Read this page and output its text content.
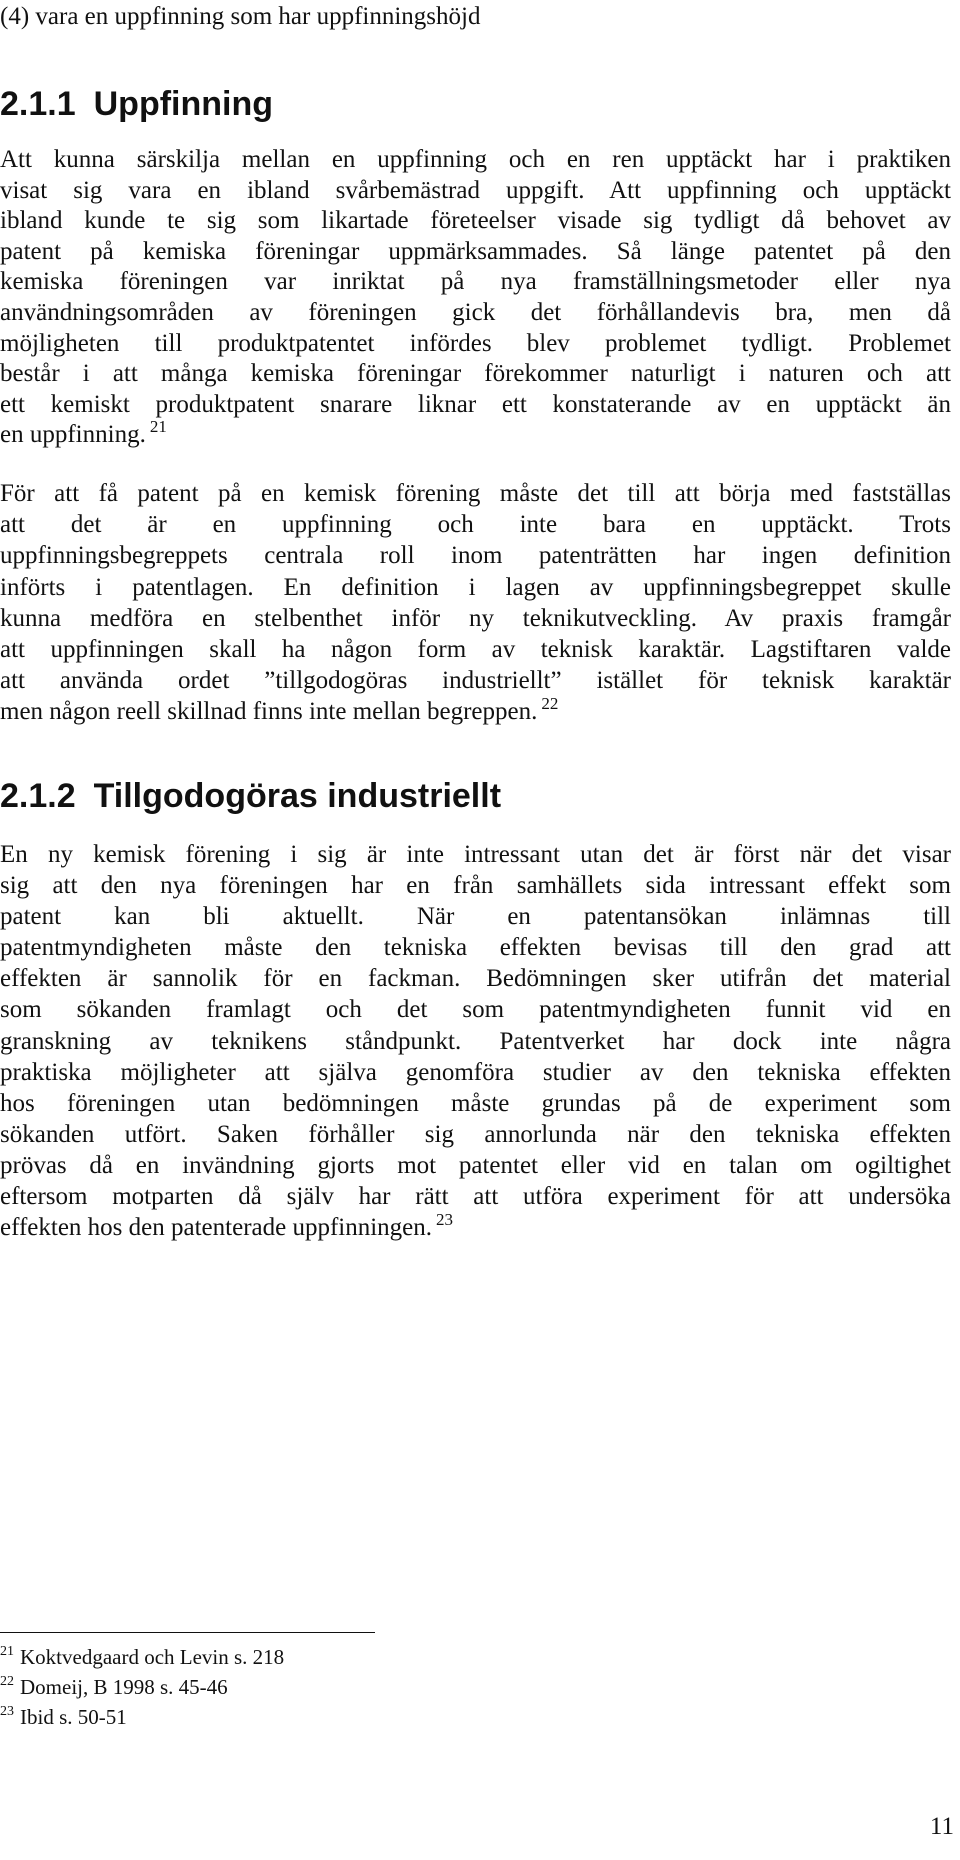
(4) vara en uppfinning som har uppfinningshöjd
2.1.1 Uppfinning

Att kunna särskilja mellan en uppfinning och en ren upptäckt har i praktiken
visat sig vara en ibland svårbemästrad uppgift. Att uppfinning och upptäckt
ibland kunde te sig som likartade företeelser visade sig tydligt då behovet av
patent på kemiska föreningar uppmärksammades. Så länge patentet på den
kemiska föreningen var inriktat på nya framställningsmetoder eller nya
användningsområden av föreningen gick det förhållandevis bra, men då
möjligheten till produktpatentet infördes blev problemet tydligt. Problemet
består i att många kemiska föreningar förekommer naturligt i naturen och att
ett kemiskt produktpatent snarare liknar ett konstaterande av en upptäckt än
en uppfinning. $^{21}$

För att få patent på en kemisk förening måste det till att börja med fastställas
att det är en uppfinning och inte bara en upptäckt. Trots
uppfinningsbegreppets centrala roll inom patenträtten har ingen definition
införts i patentlagen. En definition i lagen av uppfinningsbegreppet skulle
kunna medföra en stelbenthet inför ny teknikutveckling. Av praxis framgår
att uppfinningen skall ha någon form av teknisk karaktär. Lagstiftaren valde
att använda ordet ”tillgodogöras industriellt” istället för teknisk karaktär
men någon reell skillnad finns inte mellan begreppen. $^{22}$

2.1.2 Tillgodogöras industriellt

En ny kemisk förening i sig är inte intressant utan det är först när det visar
sig att den nya föreningen har en från samhällets sida intressant effekt som
patent kan bli aktuellt. När en patentansökan inlämnas till
patentmyndigheten måste den tekniska effekten bevisas till den grad att
effekten är sannolik för en fackman. Bedömningen sker utifrån det material
som sökanden framlagt och det som patentmyndigheten funnit vid en
granskning av teknikens ståndpunkt. Patentverket har dock inte några
praktiska möjligheter att själva genomföra studier av den tekniska effekten
hos föreningen utan bedömningen måste grundas på de experiment som
sökanden utfört. Saken förhåller sig annorlunda när den tekniska effekten
prövas då en invändning gjorts mot patentet eller vid en talan om ogiltighet
eftersom motparten då själv har rätt att utföra experiment för att undersöka
effekten hos den patenterade uppfinningen. $^{23}$

$^{21}$ Koktvedgaard och Levin s. 218
$^{22}$ Domeij, B 1998 s. 45-46
$^{23}$ Ibid s. 50-51
11
